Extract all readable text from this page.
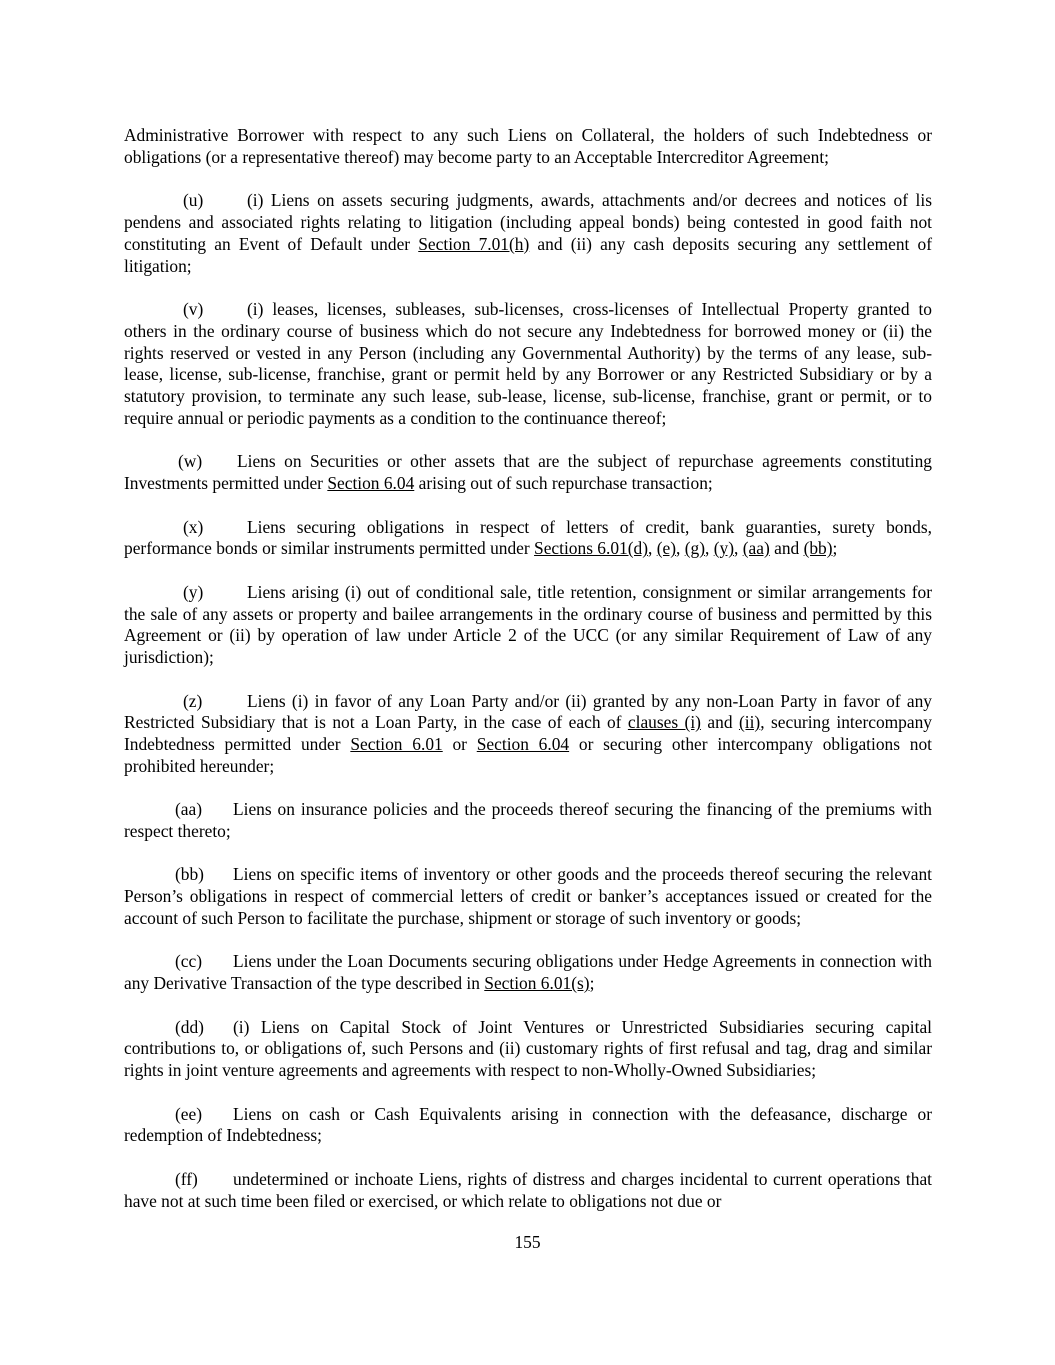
Administrative Borrower with respect to any such Liens on Collateral, the holders of such Indebtedness or obligations (or a representative thereof) may become party to an Acceptable Intercreditor Agreement;

(u)	(i) Liens on assets securing judgments, awards, attachments and/or decrees and notices of lis pendens and associated rights relating to litigation (including appeal bonds) being contested in good faith not constituting an Event of Default under Section 7.01(h) and (ii) any cash deposits securing any settlement of litigation;

(v)	(i) leases, licenses, subleases, sub-licenses, cross-licenses of Intellectual Property granted to others in the ordinary course of business which do not secure any Indebtedness for borrowed money or (ii) the rights reserved or vested in any Person (including any Governmental Authority) by the terms of any lease, sub-lease, license, sub-license, franchise, grant or permit held by any Borrower or any Restricted Subsidiary or by a statutory provision, to terminate any such lease, sub-lease, license, sub-license, franchise, grant or permit, or to require annual or periodic payments as a condition to the continuance thereof;

(w) Liens on Securities or other assets that are the subject of repurchase agreements constituting Investments permitted under Section 6.04 arising out of such repurchase transaction;

(x)	Liens securing obligations in respect of letters of credit, bank guaranties, surety bonds, performance bonds or similar instruments permitted under Sections 6.01(d), (e), (g), (y), (aa) and (bb);

(y)	Liens arising (i) out of conditional sale, title retention, consignment or similar arrangements for the sale of any assets or property and bailee arrangements in the ordinary course of business and permitted by this Agreement or (ii) by operation of law under Article 2 of the UCC (or any similar Requirement of Law of any jurisdiction);

(z)	Liens (i) in favor of any Loan Party and/or (ii) granted by any non-Loan Party in favor of any Restricted Subsidiary that is not a Loan Party, in the case of each of clauses (i) and (ii), securing intercompany Indebtedness permitted under Section 6.01 or Section 6.04 or securing other intercompany obligations not prohibited hereunder;

(aa) Liens on insurance policies and the proceeds thereof securing the financing of the premiums with respect thereto;

(bb) Liens on specific items of inventory or other goods and the proceeds thereof securing the relevant Person’s obligations in respect of commercial letters of credit or banker’s acceptances issued or created for the account of such Person to facilitate the purchase, shipment or storage of such inventory or goods;

(cc) Liens under the Loan Documents securing obligations under Hedge Agreements in connection with any Derivative Transaction of the type described in Section 6.01(s);

(dd) (i) Liens on Capital Stock of Joint Ventures or Unrestricted Subsidiaries securing capital contributions to, or obligations of, such Persons and (ii) customary rights of first refusal and tag, drag and similar rights in joint venture agreements and agreements with respect to non-Wholly-Owned Subsidiaries;

(ee) Liens on cash or Cash Equivalents arising in connection with the defeasance, discharge or redemption of Indebtedness;

(ff) undetermined or inchoate Liens, rights of distress and charges incidental to current operations that have not at such time been filed or exercised, or which relate to obligations not due or

155
